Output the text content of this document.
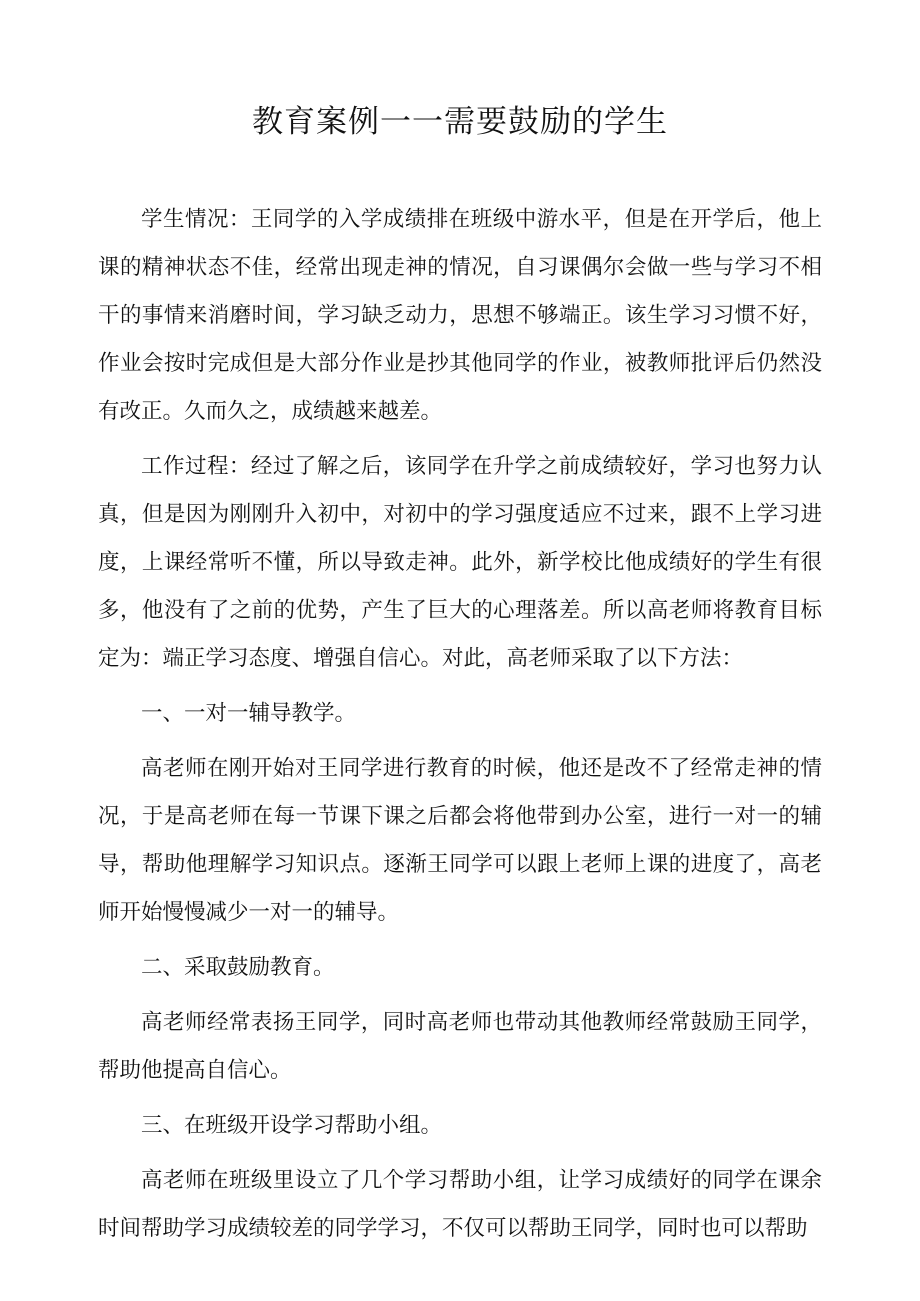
教育案例一一需要鼓励的学生

学生情况：王同学的入学成绩排在班级中游水平，但是在开学后，他上课的精神状态不佳，经常出现走神的情况，自习课偶尔会做一些与学习不相干的事情来消磨时间，学习缺乏动力，思想不够端正。该生学习习惯不好，作业会按时完成但是大部分作业是抄其他同学的作业，被教师批评后仍然没有改正。久而久之，成绩越来越差。

工作过程：经过了解之后，该同学在升学之前成绩较好，学习也努力认真，但是因为刚刚升入初中，对初中的学习强度适应不过来，跟不上学习进度，上课经常听不懂，所以导致走神。此外，新学校比他成绩好的学生有很多，他没有了之前的优势，产生了巨大的心理落差。所以高老师将教育目标定为：端正学习态度、增强自信心。对此，高老师采取了以下方法：

一、一对一辅导教学。

高老师在刚开始对王同学进行教育的时候，他还是改不了经常走神的情况，于是高老师在每一节课下课之后都会将他带到办公室，进行一对一的辅导，帮助他理解学习知识点。逐渐王同学可以跟上老师上课的进度了，高老师开始慢慢减少一对一的辅导。

二、采取鼓励教育。

高老师经常表扬王同学，同时高老师也带动其他教师经常鼓励王同学，帮助他提高自信心。

三、在班级开设学习帮助小组。

高老师在班级里设立了几个学习帮助小组，让学习成绩好的同学在课余时间帮助学习成绩较差的同学学习，不仅可以帮助王同学，同时也可以帮助
